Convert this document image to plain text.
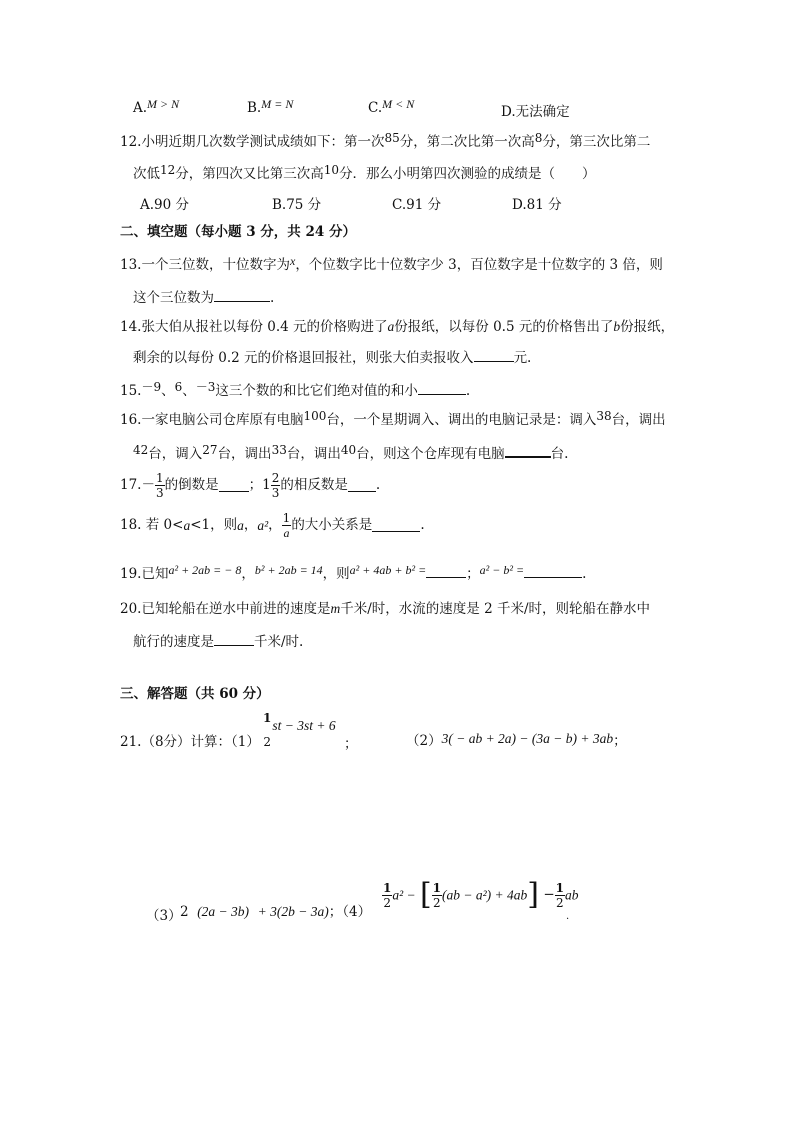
A.M > N	B.M = N	C.M < N	D.无法确定
12.小明近期几次数学测试成绩如下：第一次85分，第二次比第一次高8分，第三次比第二
次低12分，第四次又比第三次高10分．那么小明第四次测验的成绩是（　　）
A.90 分	B.75 分	C.91 分	D.81 分
二、填空题（每小题 3 分，共 24 分）
13.一个三位数，十位数字为x，个位数字比十位数字少 3，百位数字是十位数字的 3 倍，则
这个三位数为	.
14.张大伯从报社以每份 0.4 元的价格购进了a份报纸，以每份 0.5 元的价格售出了b份报纸，
剩余的以每份 0.2 元的价格退回报社，则张大伯卖报收入	元.
15.－9、6、－3这三个数的和比它们绝对值的和小	.
16.一家电脑公司仓库原有电脑100台，一个星期调入、调出的电脑记录是：调入38台，调出
42台，调入27台，调出33台，调出40台，则这个仓库现有电脑	台.
$17.- \frac{1}{3}$ 的倒数是 ；$1 \frac{2}{3}$ 的相反数是 .
18. 若 0<a<1，则a，a²， $\frac{1}{a}$ 的大小关系是	.
19.已知a² + 2ab = − 8，b² + 2ab = 14，则a² + 4ab + b² =	；a² − b² =	.
20.已知轮船在逆水中前进的速度是m千米/时，水流的速度是 2 千米/时，则轮船在静水中
航行的速度是	千米/时.
三、解答题（共 60 分）
21.（8分）计算：（1）
1
2
st − 3st + 6
；	（2）3( − ab + 2a) − (3a − b) + 3ab；
（3）
2 (2a − 3b) + 3(2b − 3a)；（4）
$\frac{1}{2} a^2$ − [ $\frac{1}{2} (ab - a^2) + 4ab] - \frac{1}{2}$ ab
.
